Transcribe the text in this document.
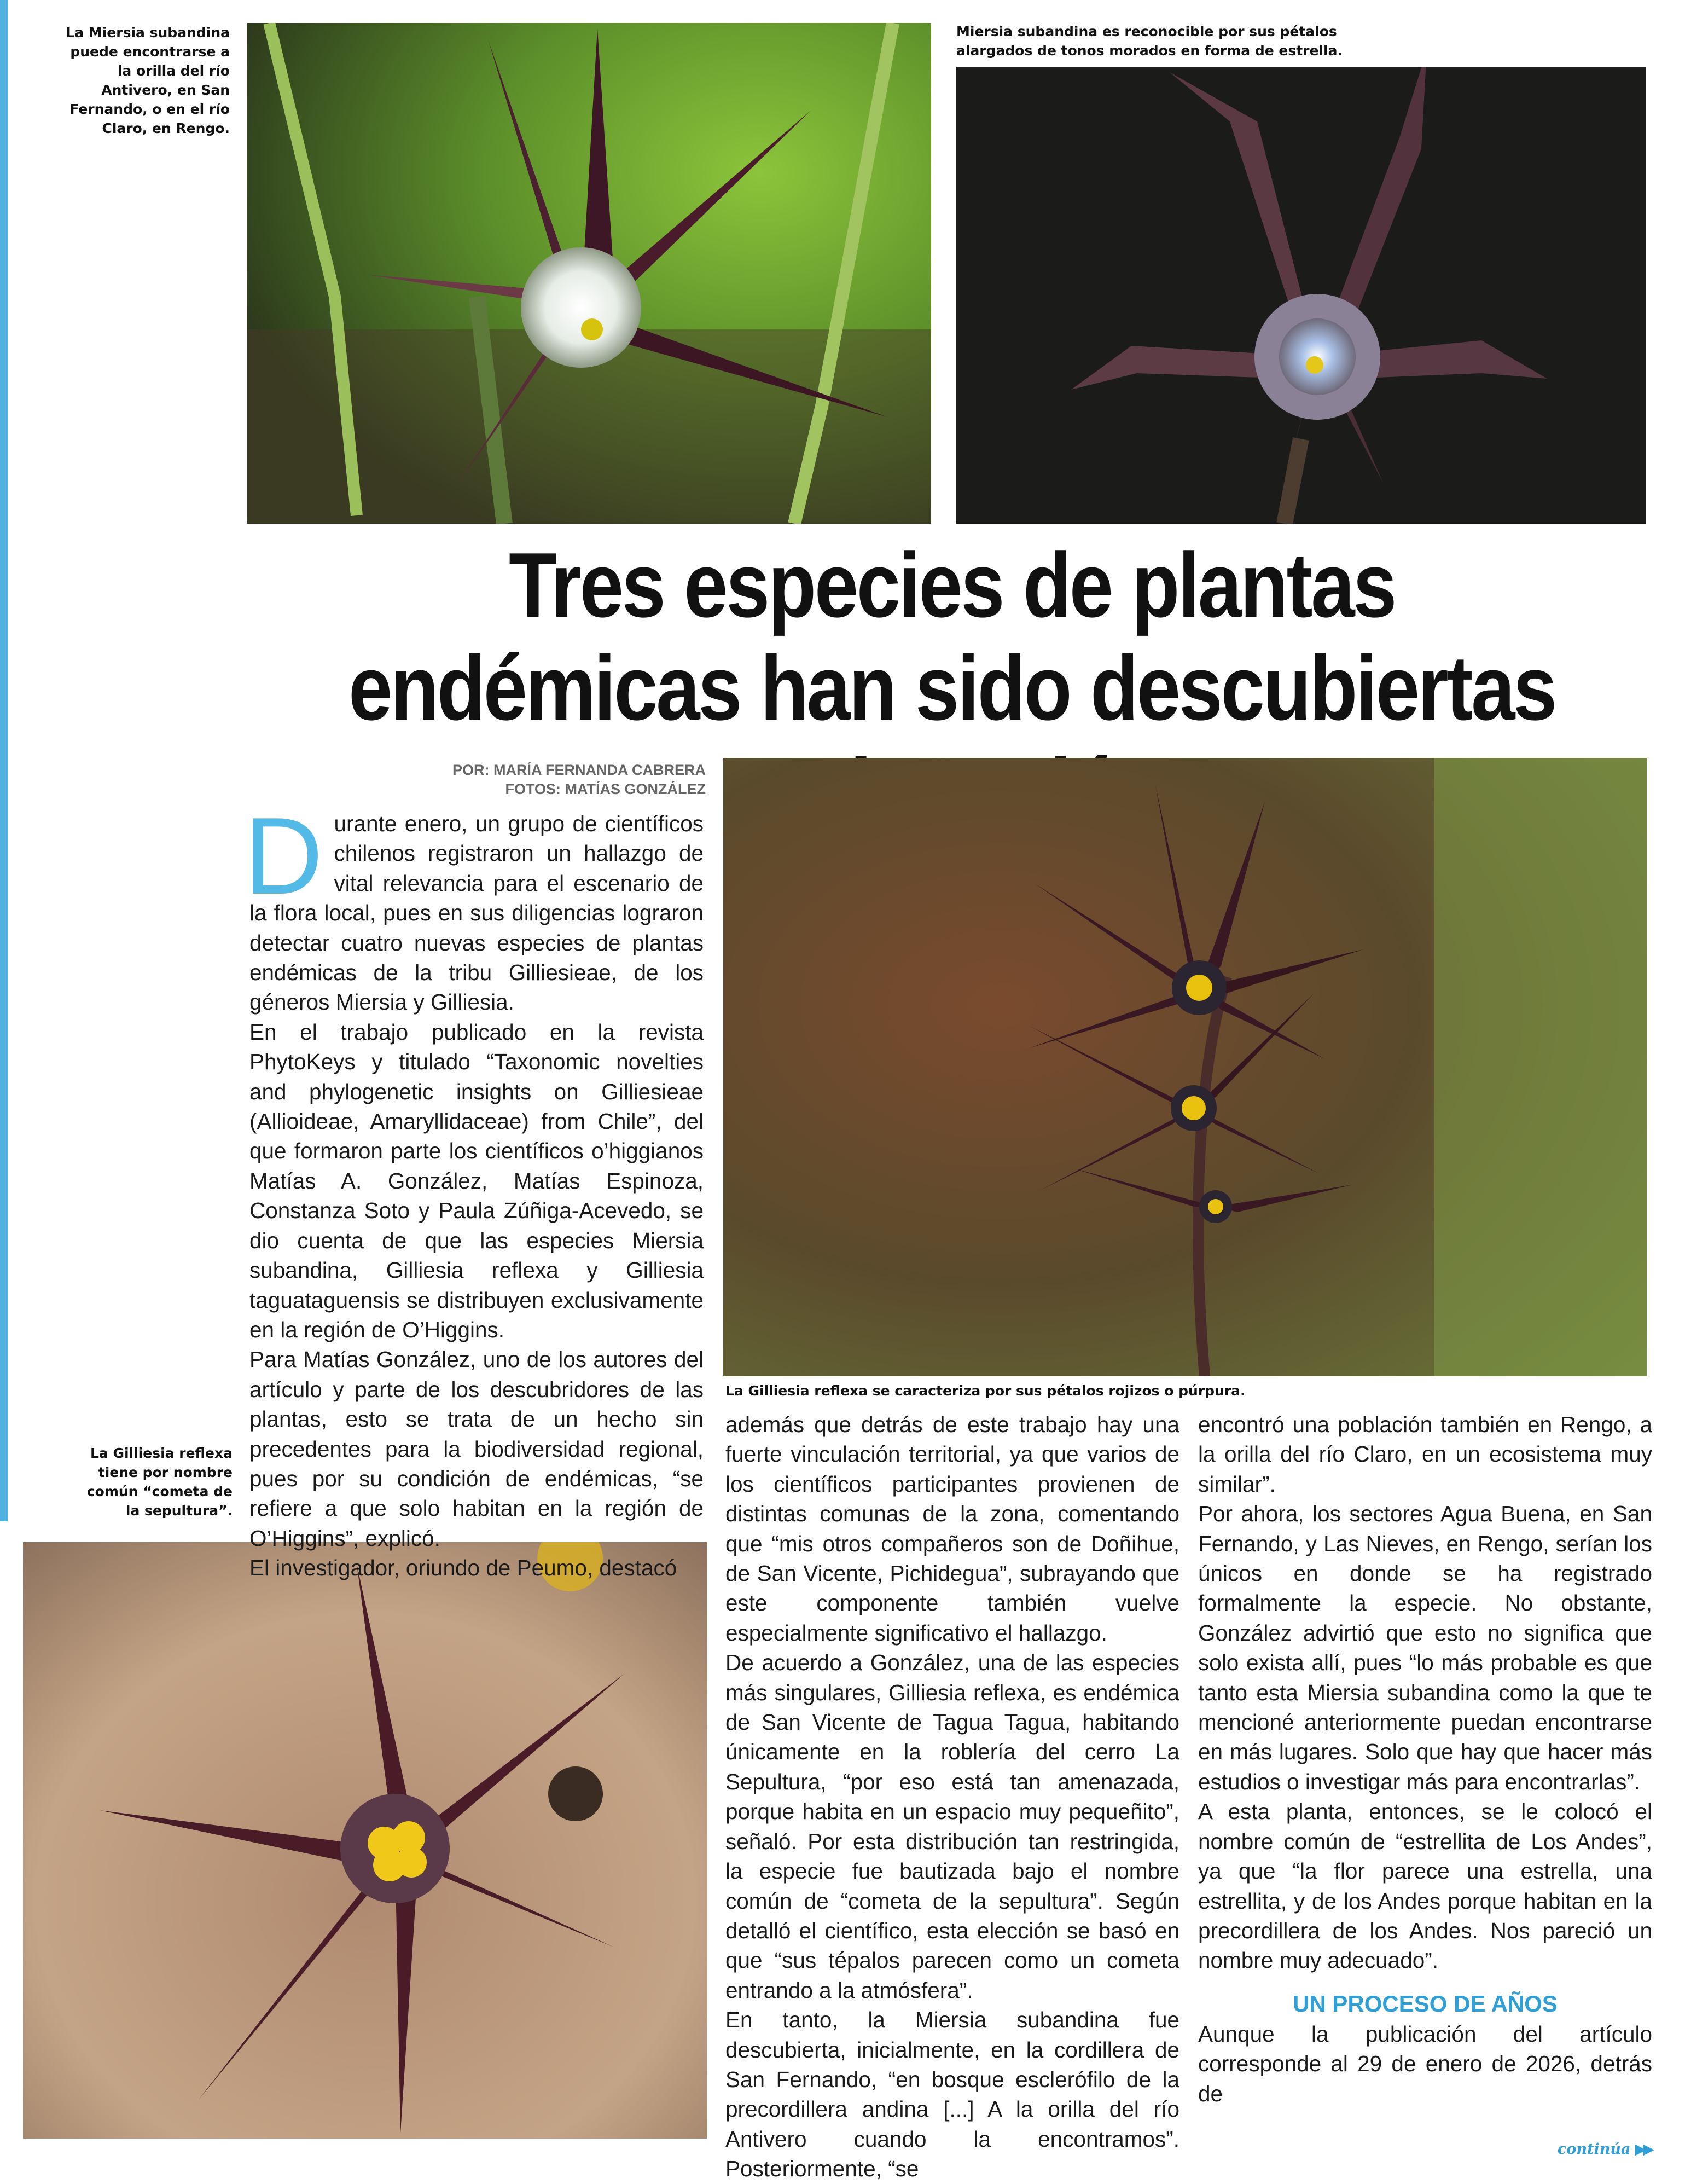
La Miersia subandina puede encontrarse a la orilla del río Antivero, en San Fernando, o en el río Claro, en Rengo.
Miersia subandina es reconocible por sus pétalos alargados de tonos morados en forma de estrella.
Tres especies de plantas endémicas han sido descubiertas
POR: MARÍA FERNANDA CABRERA
FOTOS: MATÍAS GONZÁLEZ
La Gilliesia reflexa se caracteriza por sus pétalos rojizos o púrpura.
La Gilliesia reflexa tiene por nombre común “cometa de la sepultura”.

Durante enero, un grupo de científicos chilenos registraron un hallazgo de vital relevancia para el escenario de la flora local, pues en sus diligencias lograron detectar cuatro nuevas especies de plantas endémicas de la tribu Gilliesieae, de los géneros Miersia y Gilliesia.

En el trabajo publicado en la revista PhytoKeys y titulado “Taxonomic novelties and phylogenetic insights on Gilliesieae (Allioideae, Amaryllidaceae) from Chile”, del que formaron parte los científicos o’higgianos Matías A. González, Matías Espinoza, Constanza Soto y Paula Zúñiga-Acevedo, se dio cuenta de que las especies Miersia subandina, Gilliesia reflexa y Gilliesia taguataguensis se distribuyen exclusivamente en la región de O’Higgins.

Para Matías González, uno de los autores del artículo y parte de los descubridores de las plantas, esto se trata de un hecho sin precedentes para la biodiversidad regional, pues por su condición de endémicas, “se refiere a que solo habitan en la región de O’Higgins”, explicó.

El investigador, oriundo de Peumo, destacó

además que detrás de este trabajo hay una fuerte vinculación territorial, ya que varios de los científicos participantes provienen de distintas comunas de la zona, comentando que “mis otros compañeros son de Doñihue, de San Vicente, Pichidegua”, subrayando que este componente también vuelve especialmente significativo el hallazgo.

De acuerdo a González, una de las especies más singulares, Gilliesia reflexa, es endémica de San Vicente de Tagua Tagua, habitando únicamente en la roblería del cerro La Sepultura, “por eso está tan amenazada, porque habita en un espacio muy pequeñito”, señaló. Por esta distribución tan restringida, la especie fue bautizada bajo el nombre común de “cometa de la sepultura”. Según detalló el científico, esta elección se basó en que “sus tépalos parecen como un cometa entrando a la atmósfera”.

En tanto, la Miersia subandina fue descubierta, inicialmente, en la cordillera de San Fernando, “en bosque esclerófilo de la precordillera andina [...] A la orilla del río Antivero cuando la encontramos”. Posteriormente, “se

encontró una población también en Rengo, a la orilla del río Claro, en un ecosistema muy similar”.

Por ahora, los sectores Agua Buena, en San Fernando, y Las Nieves, en Rengo, serían los únicos en donde se ha registrado formalmente la especie. No obstante, González advirtió que esto no significa que solo exista allí, pues “lo más probable es que tanto esta Miersia subandina como la que te mencioné anteriormente puedan encontrarse en más lugares. Solo que hay que hacer más estudios o investigar más para encontrarlas”.

A esta planta, entonces, se le colocó el nombre común de “estrellita de Los Andes”, ya que “la flor parece una estrella, una estrellita, y de los Andes porque habitan en la precordillera de los Andes. Nos pareció un nombre muy adecuado”.

UN PROCESO DE AÑOS

Aunque la publicación del artículo corresponde al 29 de enero de 2026, detrás de

continúa ▶▶
